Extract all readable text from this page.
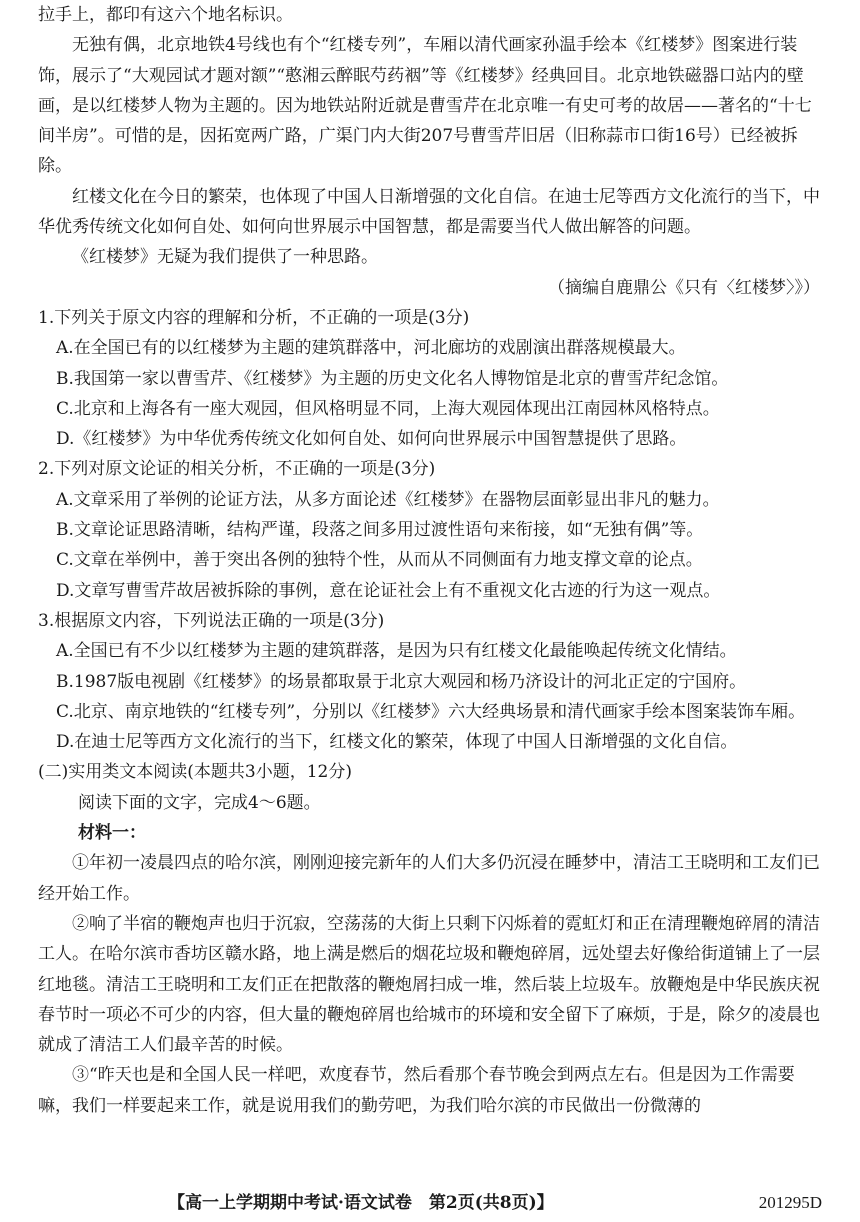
拉手上，都印有这六个地名标识。

无独有偶，北京地铁4号线也有个“红楼专列”，车厢以清代画家孙温手绘本《红楼梦》图案进行装饰，展示了“大观园试才题对额”“憨湘云醉眠芍药裀”等《红楼梦》经典回目。北京地铁磁器口站内的壁画，是以红楼梦人物为主题的。因为地铁站附近就是曹雪芹在北京唯一有史可考的故居——著名的“十七间半房”。可惜的是，因拓宽两广路，广渠门内大街207号曹雪芹旧居（旧称蒜市口街16号）已经被拆除。

红楼文化在今日的繁荣，也体现了中国人日渐增强的文化自信。在迪士尼等西方文化流行的当下，中华优秀传统文化如何自处、如何向世界展示中国智慧，都是需要当代人做出解答的问题。

《红楼梦》无疑为我们提供了一种思路。

（摘编自鹿鼎公《只有〈红楼梦〉》）

1.下列关于原文内容的理解和分析，不正确的一项是(3分)

A.在全国已有的以红楼梦为主题的建筑群落中，河北廊坊的戏剧演出群落规模最大。

B.我国第一家以曹雪芹、《红楼梦》为主题的历史文化名人博物馆是北京的曹雪芹纪念馆。

C.北京和上海各有一座大观园，但风格明显不同，上海大观园体现出江南园林风格特点。

D.《红楼梦》为中华优秀传统文化如何自处、如何向世界展示中国智慧提供了思路。

2.下列对原文论证的相关分析，不正确的一项是(3分)

A.文章采用了举例的论证方法，从多方面论述《红楼梦》在器物层面彰显出非凡的魅力。

B.文章论证思路清晰，结构严谨，段落之间多用过渡性语句来衔接，如“无独有偶”等。

C.文章在举例中，善于突出各例的独特个性，从而从不同侧面有力地支撑文章的论点。

D.文章写曹雪芹故居被拆除的事例，意在论证社会上有不重视文化古迹的行为这一观点。

3.根据原文内容，下列说法正确的一项是(3分)

A.全国已有不少以红楼梦为主题的建筑群落，是因为只有红楼文化最能唤起传统文化情结。

B.1987版电视剧《红楼梦》的场景都取景于北京大观园和杨乃济设计的河北正定的宁国府。

C.北京、南京地铁的“红楼专列”，分别以《红楼梦》六大经典场景和清代画家手绘本图案装饰车厢。

D.在迪士尼等西方文化流行的当下，红楼文化的繁荣，体现了中国人日渐增强的文化自信。

(二)实用类文本阅读(本题共3小题，12分)

阅读下面的文字，完成4～6题。

材料一：

①年初一凌晨四点的哈尔滨，刚刚迎接完新年的人们大多仍沉浸在睡梦中，清洁工王晓明和工友们已经开始工作。

②响了半宿的鞭炮声也归于沉寂，空荡荡的大街上只剩下闪烁着的霓虹灯和正在清理鞭炮碎屑的清洁工人。在哈尔滨市香坊区赣水路，地上满是燃后的烟花垃圾和鞭炮碎屑，远处望去好像给街道铺上了一层红地毯。清洁工王晓明和工友们正在把散落的鞭炮屑扫成一堆，然后装上垃圾车。放鞭炮是中华民族庆祝春节时一项必不可少的内容，但大量的鞭炮碎屑也给城市的环境和安全留下了麻烦，于是，除夕的凌晨也就成了清洁工人们最辛苦的时候。

③“昨天也是和全国人民一样吧，欢度春节，然后看那个春节晚会到两点左右。但是因为工作需要嘛，我们一样要起来工作，就是说用我们的勤劳吧，为我们哈尔滨的市民做出一份微薄的

【高一上学期期中考试·语文试卷　第2页(共8页)】	201295D
